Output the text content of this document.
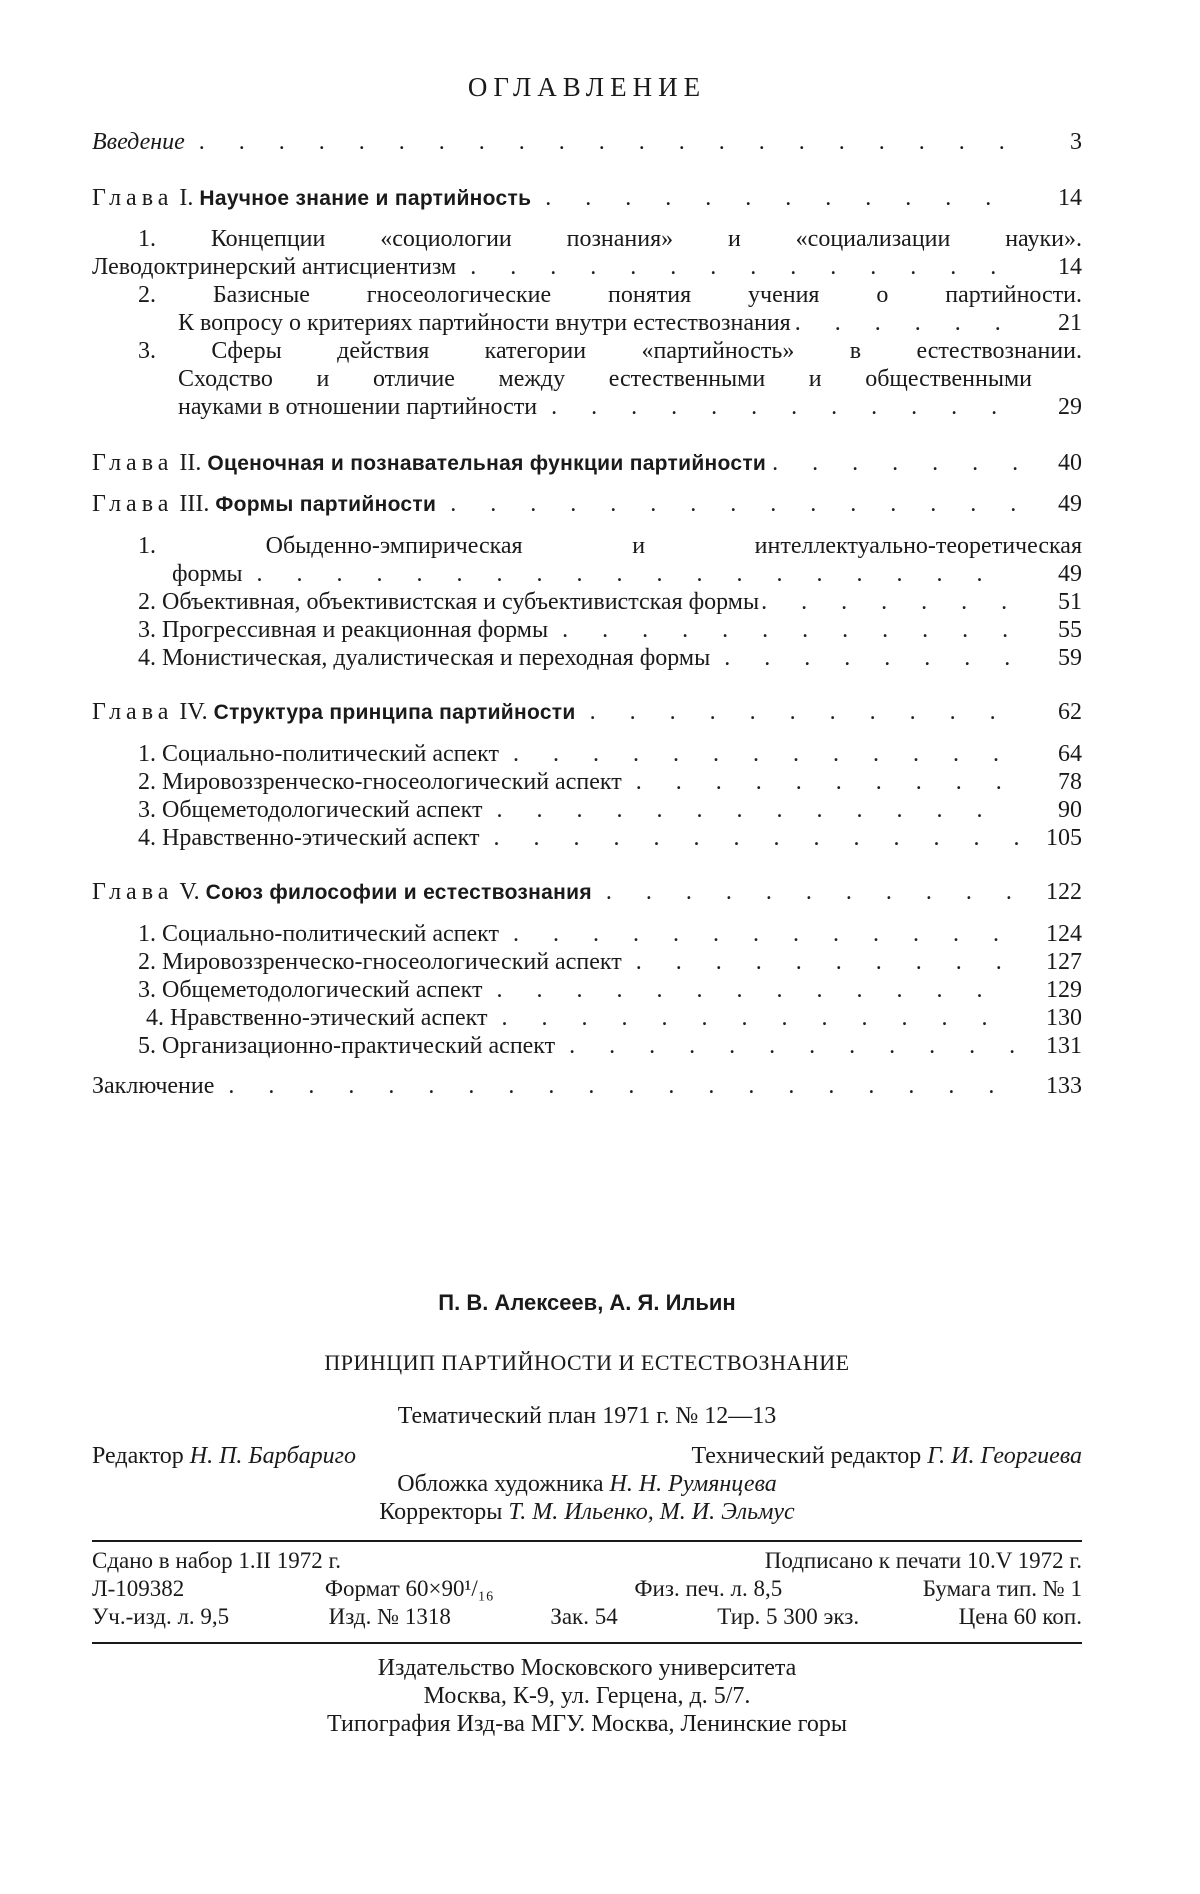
ОГЛАВЛЕНИЕ
Введение . . .	3
Глава I. Научное знание и партийность . . .	14
1. Концепции «социологии познания» и «социализации науки».
Леводоктринерский антисциентизм . . .	14
2. Базисные гносеологические понятия учения о партийности.
К вопросу о критериях партийности внутри естествознания . . .	21
3. Сферы действия категории «партийность» в естествознании.
Сходство и отличие между естественными и общественными
науками в отношении партийности . . .	29
Глава II. Оценочная и познавательная функции партийности . . .	40
Глава III. Формы партийности . . .	49
1. Обыденно-эмпирическая и интеллектуально-теоретическая
формы . . .	49
2. Объективная, объективистская и субъективистская формы . . .	51
3. Прогрессивная и реакционная формы . . .	55
4. Монистическая, дуалистическая и переходная формы . . .	59
Глава IV. Структура принципа партийности . . .	62
1. Социально-политический аспект . . .	64
2. Мировоззренческо-гносеологический аспект . . .	78
3. Общеметодологический аспект . . .	90
4. Нравственно-этический аспект . . .	105
Глава V. Союз философии и естествознания . . .	122
1. Социально-политический аспект . . .	124
2. Мировоззренческо-гносеологический аспект . . .	127
3. Общеметодологический аспект . . .	129
4. Нравственно-этический аспект . . .	130
5. Организационно-практический аспект . . .	131
Заключение . . .	133
П. В. Алексеев, А. Я. Ильин
ПРИНЦИП ПАРТИЙНОСТИ И ЕСТЕСТВОЗНАНИЕ
Тематический план 1971 г. № 12—13
Редактор Н. П. Барбариго	Технический редактор Г. И. Георгиева
Обложка художника Н. Н. Румянцева
Корректоры Т. М. Ильенко, М. И. Эльмус
Сдано в набор 1.II 1972 г.	Подписано к печати 10.V 1972 г.
Л-109382	Формат 60×90¹/₁₆	Физ. печ. л. 8,5	Бумага тип. № 1
Уч.-изд. л. 9,5	Изд. № 1318	Зак. 54	Тир. 5 300 экз.	Цена 60 коп.
Издательство Московского университета
Москва, К-9, ул. Герцена, д. 5/7.
Типография Изд-ва МГУ. Москва, Ленинские горы
